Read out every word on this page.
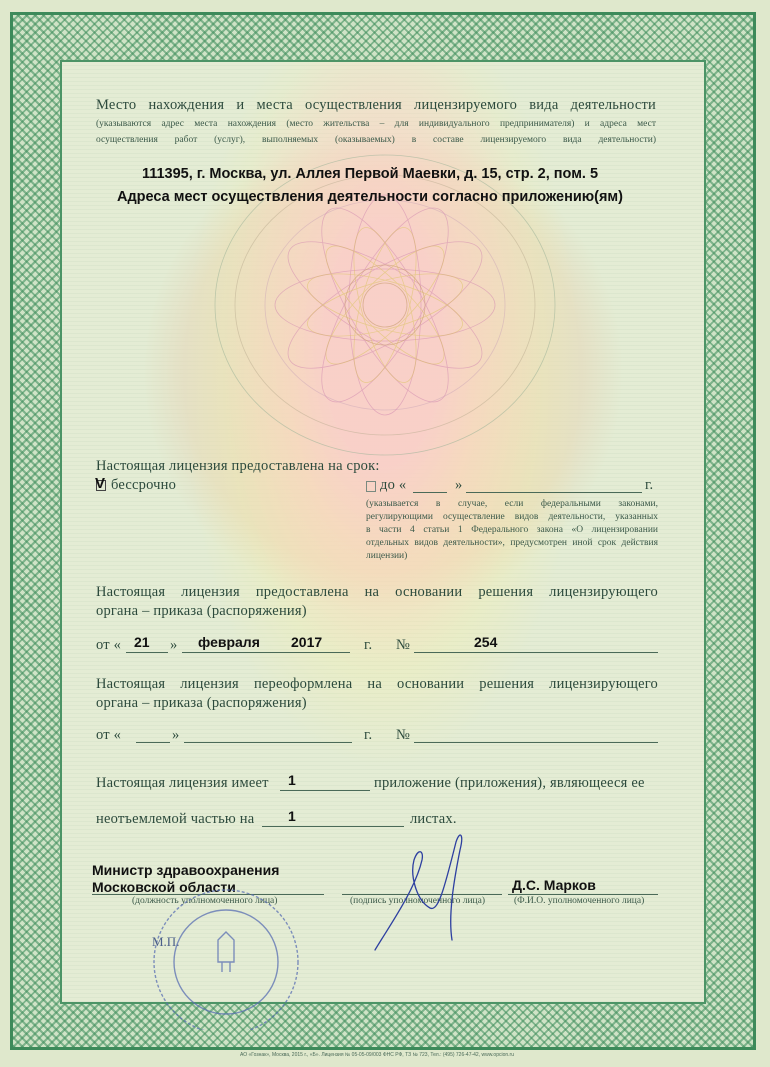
Место нахождения и места осуществления лицензируемого вида деятельности
(указываются адрес места нахождения (место жительства – для индивидуального предпринимателя) и адреса мест
осуществления работ (услуг), выполняемых (оказываемых) в составе лицензируемого вида деятельности)
111395, г. Москва, ул. Аллея Первой Маевки, д. 15, стр. 2, пом. 5
Адреса мест осуществления деятельности согласно приложению(ям)
Настоящая лицензия предоставлена на срок:
V бессрочно	до «	»	г.
(указывается в случае, если федеральными законами,
регулирующими осуществление видов деятельности, указанных
в части 4 статьи 1 Федерального закона «О лицензировании
отдельных видов деятельности», предусмотрен иной срок действия
лицензии)
Настоящая лицензия предоставлена на основании решения лицензирующего
органа – приказа (распоряжения)
от « 21 » февраля 2017	г. №	254
Настоящая лицензия переоформлена на основании решения лицензирующего
органа – приказа (распоряжения)
от «	»	г. №
Настоящая лицензия имеет 1	приложение (приложения), являющееся ее
неотъемлемой частью на 1	листах.
Министр здравоохранения
Московской области
(должность уполномоченного лица)	(подпись уполномоченного лица)
Д.С. Марков
(Ф.И.О. уполномоченного лица)
М.П.
АО «Гознак», Москва, 2015 г., «Б». Лицензия № 05-05-09/003 ФНС РФ, ТЗ № 723, Тел.: (495) 726-47-42, www.opcion.ru
